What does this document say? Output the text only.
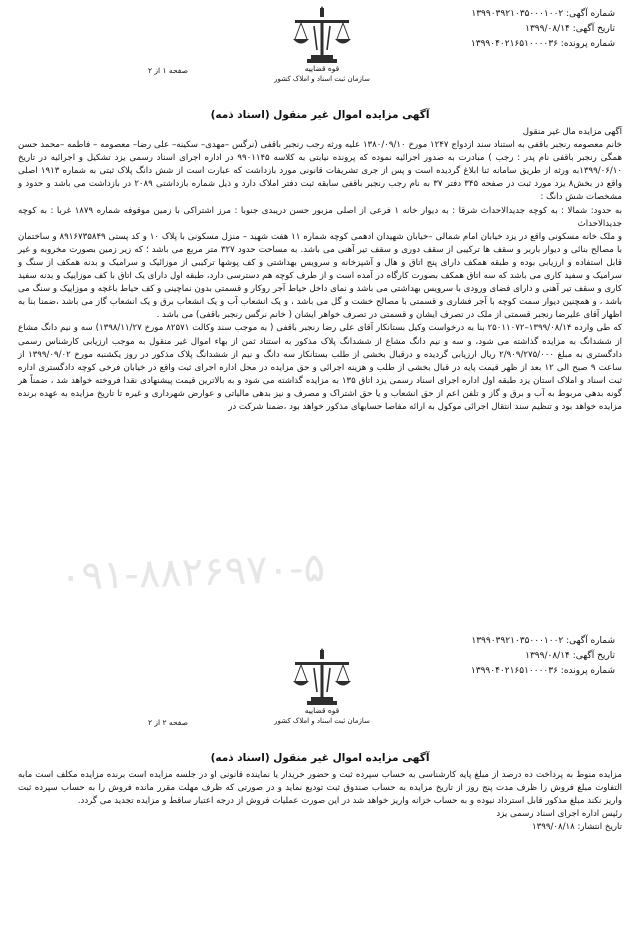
شماره آگهی: ۱۳۹۹۰۳۹۲۱۰۳۵۰۰۰۱۰۰۲
تاریخ آگهی: ۱۳۹۹/۰۸/۱۴
شماره پرونده: ۱۳۹۹۰۴۰۲۱۶۵۱۰۰۰۰۳۶
قوه قضاییه
سازمان ثبت اسناد و املاک کشور
صفحه ۱ از ۲
آگهی مزایده اموال غیر منقول (اسناد ذمه)

آگهی مزایده مال غیر منقول

خانم معصومه رنجبر باقفی به استناد سند ازدواج ۱۲۴۷ مورخ ۱۳۸۰/۰۹/۱۰ علیه ورثه رجب رنجبر باقفی (نرگس –مهدی– سکینه– علی رضا– معصومه – فاطمه –محمد حسن همگی رنجبر باقفی نام پدر : رجب ) مبادرت به صدور اجرائیه نموده که پرونده نیابتی به کلاسه ۹۹۰۱۱۴۵ در اداره اجرای اسناد رسمی یزد تشکیل و اجرائیه در تاریخ ۱۳۹۹/۰۶/۱۰به ورثه از طریق سامانه ثنا ابلاغ گردیده است و پس از جری تشریفات قانونی مورد بازداشت که عبارت است از شش دانگ پلاک ثبتی به شماره ۱۹۱۳ اصلی واقع در بخش۸ یزد مورد ثبت در صفحه ۳۴۵ دفتر ۳۷ به نام رجب رنجبر باقفی سابقه ثبت دفتر املاک دارد و ذیل شماره بازداشتی ۲۰۸۹ در بازداشت می باشد و حدود و مشخصات شش دانگ :

به حدود: شمالا : به کوچه جدیدالاحداث شرقا : به دیوار خانه ۱ فرعی از اصلی مزبور حسن دریبدی جنوبا : مرز اشتراکی با زمین موقوفه شماره ۱۸۷۹ غربا : به کوچه جدیدالاحداث

و ملک خانه مسکونی واقع در یزد خیابان امام شمالی –خیابان شهیدان ادهمی کوچه شماره ۱۱ هفت شهید – منزل مسکونی با پلاک ۱۰ و کد پستی ۸۹۱۶۷۳۵۸۴۹ و ساختمان با مصالح بنائی و دیوار باربر و سقف ها ترکیبی از سقف دوری و سقف تیر آهنی می باشد. به مساحت حدود ۳۲۷ متر مربع می باشد ؛ که زیر زمین بصورت مخروبه و غیر قابل استفاده و ارزیابی بوده و طبقه همکف دارای پنج اتاق و هال و آشپزخانه و سرویس بهداشتی و کف پوشها ترکیبی از موزائیک و سرامیک و بدنه همکف از سنگ و سرامیک و سفید کاری می باشد که سه اتاق همکف بصورت کارگاه در آمده است و از طرف کوچه هم دسترسی دارد، طبقه اول دارای یک اتاق با کف موزاییک و بدنه سفید کاری و سقف تیر آهنی و دارای فضای ورودی با سرویس بهداشتی می باشد و نمای داخل حیاط آجر روکار و قسمتی بدون نماچینی و کف حیاط باغچه و موزاییک و سنگ می باشد ، و همچنین دیوار سمت کوچه با آجر فشاری و قسمتی با مصالح خشت و گل می باشد ، و یک انشعاب آب و یک انشعاب برق و یک انشعاب گاز می باشد ،ضمنا بنا به اظهار آقای علیرضا رنجبر قسمتی از ملک در تصرف ایشان و قسمتی در تصرف خواهر ایشان ( خانم نرگس رنجبر باقفی) می باشد .

که طی وارده ۱۳۹۹/۰۸/۱۴–۲۵۰۱۱۰۷۲ بنا به درخواست وکیل بستانکار آقای علی رضا رنجبر باقفی ( به موجب سند وکالت ۸۲۵۷۱ مورخ ۱۳۹۸/۱۱/۲۷) سه و نیم دانگ مشاع از ششدانگ به مزایده گذاشته می شود، و سه و نیم دانگ مشاع از ششدانگ پلاک مذکور به استناد ثمن از بهاء اموال غیر منقول به موجب ارزیابی کارشناس رسمی دادگستری به مبلغ ۲/۹۰۹/۲۷۵/۰۰۰ ریال ارزیابی گردیده و درقبال بخشی از طلب بستانکار سه دانگ و نیم از ششدانگ پلاک مذکور در روز یکشنبه مورخ ۱۳۹۹/۰۹/۰۲ از ساعت ۹ صبح الی ۱۲ بعد از ظهر قیمت پایه در قبال بخشی از طلب و هزینه اجرائی و حق مزایده در محل اداره اجرای ثبت واقع در خیابان فرخی کوچه دادگستری اداره ثبت اسناد و املاک استان یزد طبقه اول اداره اجرای اسناد رسمی یزد اتاق ۱۳۵ به مزایده گذاشته می شود و به بالاترین قیمت پیشنهادی نقدا فروخته خواهد شد ، ضمناً هر گونه بدهی مربوط به آب و برق و گاز و تلفن اعم از حق انشعاب و یا حق اشتراک و مصرف و نیز بدهی مالیاتی و عوارض شهرداری و غیره تا تاریخ مزایده به عهده برنده مزایده خواهد بود و تنظیم سند انتقال اجرائی موکول به ارائه مفاصا حسابهای مذکور خواهد بود ،ضمنا شرکت در

۰۹۱-۸۸۲۶۹۷۰-۵
شماره آگهی: ۱۳۹۹۰۳۹۲۱۰۳۵۰۰۰۱۰۰۲
تاریخ آگهی: ۱۳۹۹/۰۸/۱۴
شماره پرونده: ۱۳۹۹۰۴۰۲۱۶۵۱۰۰۰۰۳۶
قوه قضاییه
سازمان ثبت اسناد و املاک کشور
صفحه ۲ از ۲
آگهی مزایده اموال غیر منقول (اسناد ذمه)

مزایده منوط به پرداخت ده درصد از مبلغ پایه کارشناسی به حساب سپرده ثبت و حضور خریدار یا نماینده قانونی او در جلسه مزایده است برنده مزایده مکلف است مابه التفاوت مبلغ فروش را ظرف مدت پنج روز از تاریخ مزایده به حساب صندوق ثبت تودیع نماید و در صورتی که ظرف مهلت مقرر مانده فروش را به حساب سپرده ثبت واریز نکند مبلغ مذکور قابل استرداد نبوده و به حساب خزانه واریز خواهد شد در این صورت عملیات فروش از درجه اعتبار ساقط و مزایده تجدید می گردد.

رئیس اداره اجرای اسناد رسمی یزد

تاریخ انتشار: ۱۳۹۹/۰۸/۱۸
